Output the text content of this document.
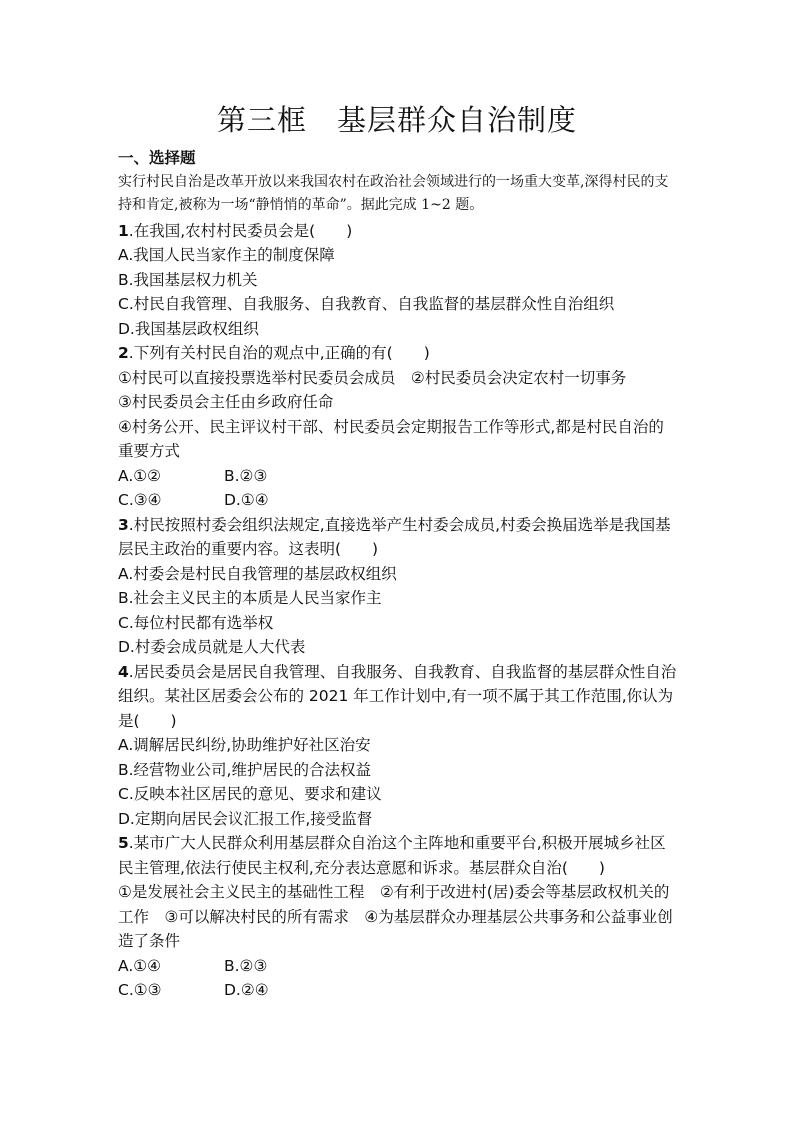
第三框　基层群众自治制度

一、选择题

实行村民自治是改革开放以来我国农村在政治社会领域进行的一场重大变革,深得村民的支持和肯定,被称为一场“静悄悄的革命”。据此完成 1~2 题。

1.在我国,农村村民委员会是(　　)

A.我国人民当家作主的制度保障

B.我国基层权力机关

C.村民自我管理、自我服务、自我教育、自我监督的基层群众性自治组织

D.我国基层政权组织

2.下列有关村民自治的观点中,正确的有(　　)

①村民可以直接投票选举村民委员会成员　②村民委员会决定农村一切事务

③村民委员会主任由乡政府任命

④村务公开、民主评议村干部、村民委员会定期报告工作等形式,都是村民自治的重要方式

A.①②	B.②③

C.③④	D.①④

3.村民按照村委会组织法规定,直接选举产生村委会成员,村委会换届选举是我国基层民主政治的重要内容。这表明(　　)

A.村委会是村民自我管理的基层政权组织

B.社会主义民主的本质是人民当家作主

C.每位村民都有选举权

D.村委会成员就是人大代表

4.居民委员会是居民自我管理、自我服务、自我教育、自我监督的基层群众性自治组织。某社区居委会公布的 2021 年工作计划中,有一项不属于其工作范围,你认为是(　　)

A.调解居民纠纷,协助维护好社区治安

B.经营物业公司,维护居民的合法权益

C.反映本社区居民的意见、要求和建议

D.定期向居民会议汇报工作,接受监督

5.某市广大人民群众利用基层群众自治这个主阵地和重要平台,积极开展城乡社区民主管理,依法行使民主权利,充分表达意愿和诉求。基层群众自治(　　)

①是发展社会主义民主的基础性工程　②有利于改进村(居)委会等基层政权机关的工作　③可以解决村民的所有需求　④为基层群众办理基层公共事务和公益事业创造了条件

A.①④	B.②③

C.①③	D.②④
